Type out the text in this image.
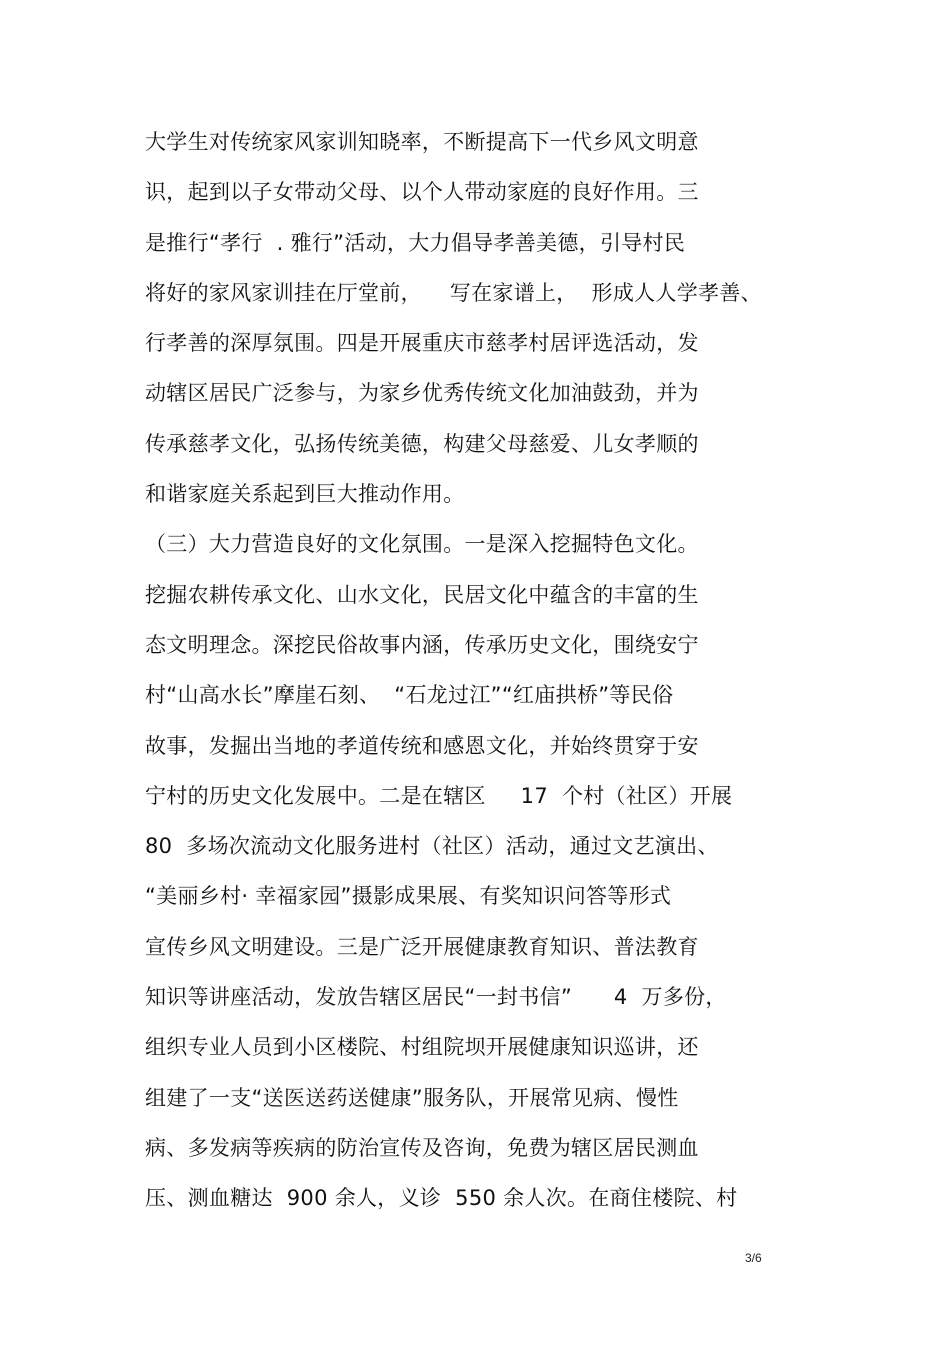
大学生对传统家风家训知晓率，不断提高下一代乡风文明意
识，起到以子女带动父母、以个人带动家庭的良好作用。三
是推行“孝行  . 雅行”活动，大力倡导孝善美德，引导村民
将好的家风家训挂在厅堂前，    写在家谱上，  形成人人学孝善、
行孝善的深厚氛围。四是开展重庆市慈孝村居评选活动，发
动辖区居民广泛参与，为家乡优秀传统文化加油鼓劲，并为
传承慈孝文化，弘扬传统美德，构建父母慈爱、儿女孝顺的
和谐家庭关系起到巨大推动作用。
（三）大力营造良好的文化氛围。一是深入挖掘特色文化。
挖掘农耕传承文化、山水文化，民居文化中蕴含的丰富的生
态文明理念。深挖民俗故事内涵，传承历史文化，围绕安宁
村“山高水长”摩崖石刻、  “石龙过江”“红庙拱桥”等民俗
故事，发掘出当地的孝道传统和感恩文化，并始终贯穿于安
宁村的历史文化发展中。二是在辖区     17  个村（社区）开展
80  多场次流动文化服务进村（社区）活动，通过文艺演出、
“美丽乡村· 幸福家园”摄影成果展、有奖知识问答等形式
宣传乡风文明建设。三是广泛开展健康教育知识、普法教育
知识等讲座活动，发放告辖区居民“一封书信”      4  万多份，
组织专业人员到小区楼院、村组院坝开展健康知识巡讲，还
组建了一支“送医送药送健康”服务队，开展常见病、慢性
病、多发病等疾病的防治宣传及咨询，免费为辖区居民测血
压、测血糖达  900 余人，义诊  550 余人次。在商住楼院、村
3/6
